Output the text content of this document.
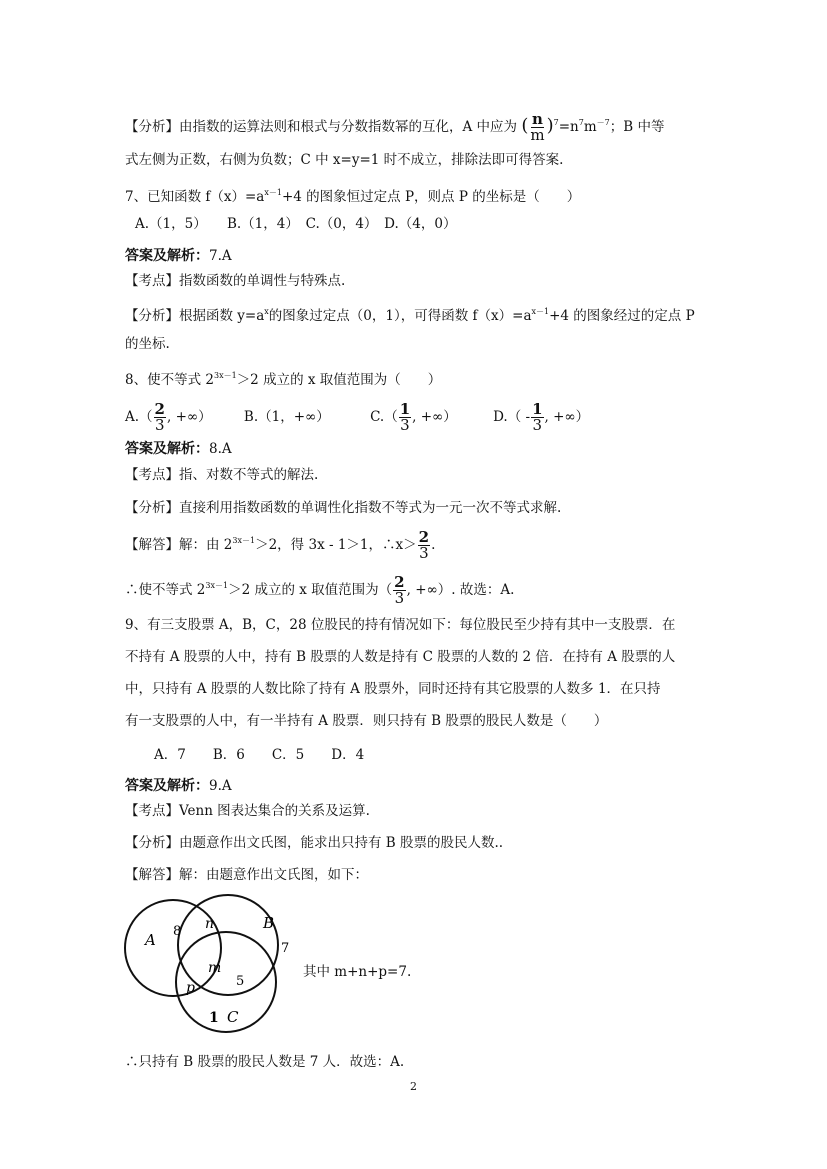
【分析】由指数的运算法则和根式与分数指数幂的互化，A 中应为 ( $\frac{n}{m} )^7=n^7m^{-7}$；B 中等
式左侧为正数，右侧为负数；C 中 x=y=1 时不成立，排除法即可得答案.
7、已知函数 $f(x)=a^{x-1}+4$ 的图象恒过定点 P，则点 P 的坐标是（　　）
A.（1，5）　　B.（1，4）　C.（0，4）　D.（4，0）
答案及解析：7.A
【考点】指数函数的单调性与特殊点.
【分析】根据函数 $y=a^x$的图象过定点（0，1），可得函数 $f(x)=a^{x-1}+4$ 的图象经过的定点 P
的坐标.
8、使不等式 $2^{3x-1}>2$ 成立的 x 取值范围为（　　）
$A.( \frac{2}{3}$ , +∞） B.（1，+∞）	$C.( \frac{1}{3}$ , +∞）	$D.( - \frac{1}{3}$ , +∞）
答案及解析：8.A
【考点】指、对数不等式的解法.
【分析】直接利用指数函数的单调性化指数不等式为一元一次不等式求解.
【解答】解：由 $2^{3x-1}>2$，得 3x - 1＞1，∴x＞ $\frac{2}{3}$ .
∴使不等式 $2^{3x-1}>2$ 成立的 x 取值范围为（ $\frac{2}{3}$ , +∞）. 故选：A.
9、有三支股票 A，B，C，28 位股民的持有情况如下：每位股民至少持有其中一支股票．在
不持有 A 股票的人中，持有 B 股票的人数是持有 C 股票的人数的 2 倍．在持有 A 股票的人
中，只持有 A 股票的人数比除了持有 A 股票外，同时还持有其它股票的人数多 1．在只持
有一支股票的人中，有一半持有 A 股票．则只持有 B 股票的股民人数是（　　）
A．7　　B．6　　C．5　　D．4
答案及解析：9.A
【考点】Venn 图表达集合的关系及运算.
【分析】由题意作出文氏图，能求出只持有 B 股票的股民人数..
【解答】解：由题意作出文氏图，如下：
A 8 n	B
7
m
p	5
1 C
其中 m+n+p=7.
∴只持有 B 股票的股民人数是 7 人．故选：A.
2
